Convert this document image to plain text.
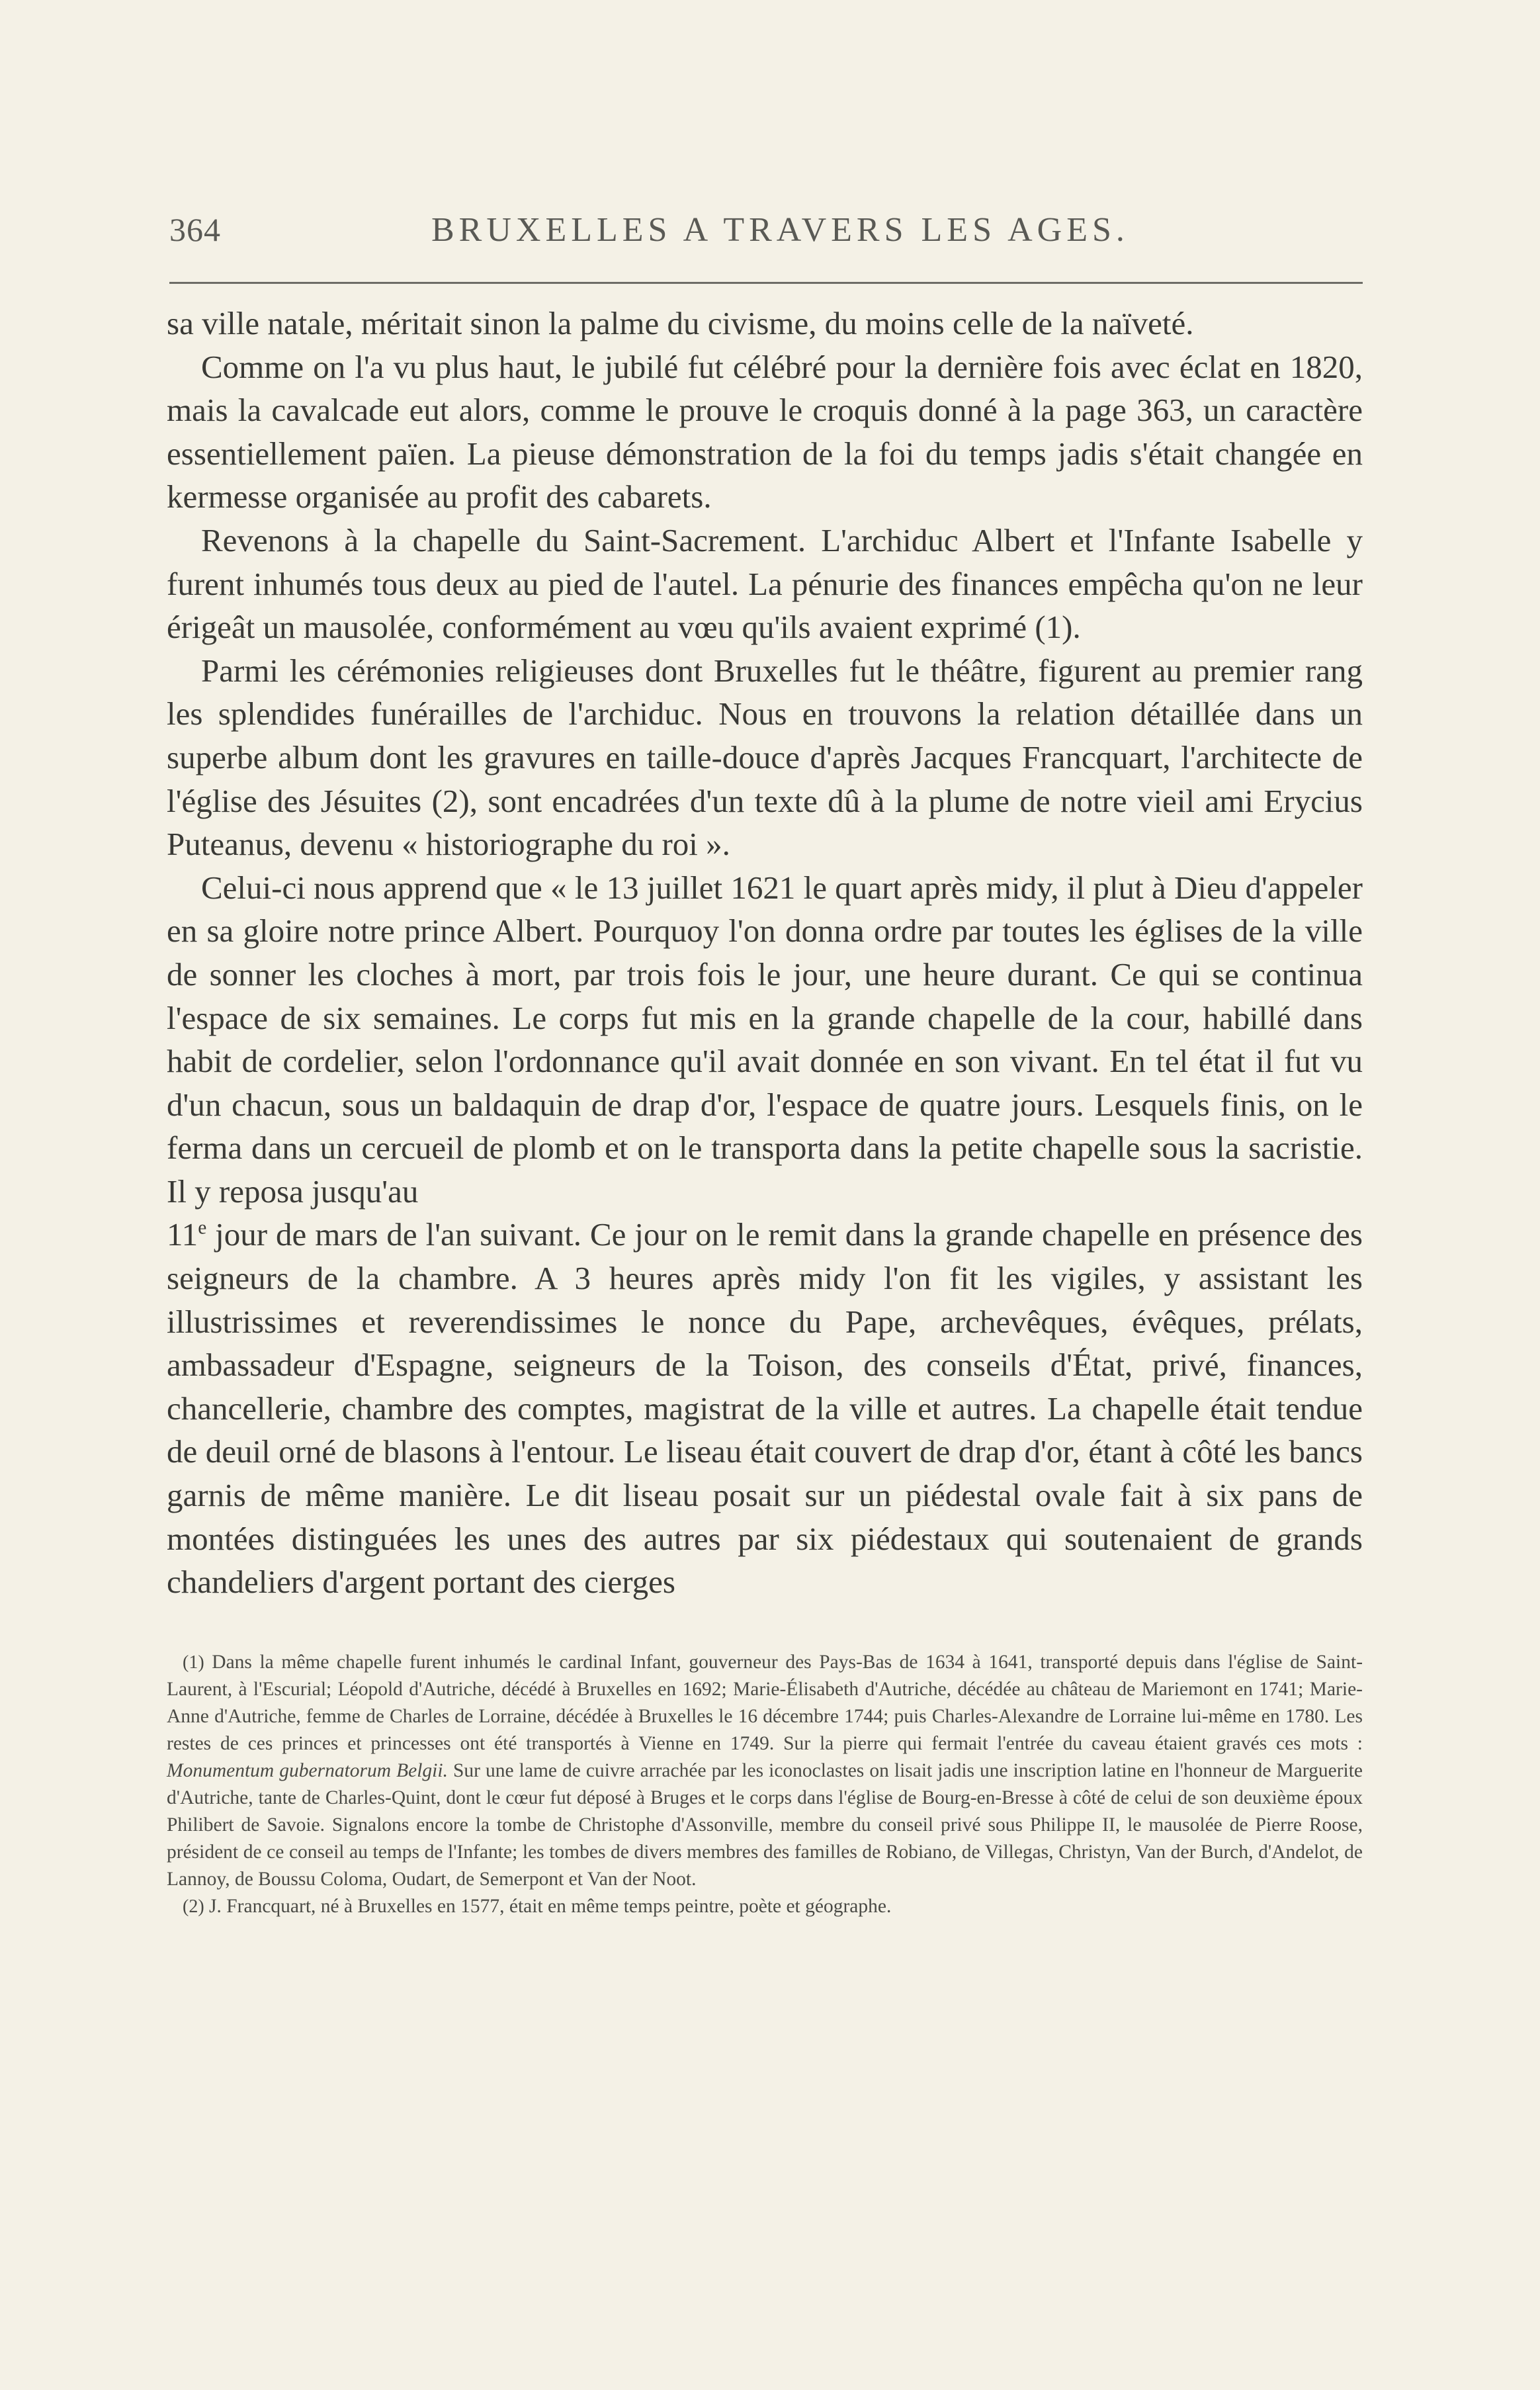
364	BRUXELLES A TRAVERS LES AGES.

sa ville natale, méritait sinon la palme du civisme, du moins celle de la naïveté.

Comme on l'a vu plus haut, le jubilé fut célébré pour la dernière fois avec éclat en 1820, mais la cavalcade eut alors, comme le prouve le croquis donné à la page 363, un caractère essentiellement païen. La pieuse démonstration de la foi du temps jadis s'était changée en kermesse organisée au profit des cabarets.

Revenons à la chapelle du Saint-Sacrement. L'archiduc Albert et l'Infante Isabelle y furent inhumés tous deux au pied de l'autel. La pénurie des finances empêcha qu'on ne leur érigeât un mausolée, conformément au vœu qu'ils avaient exprimé (1).

Parmi les cérémonies religieuses dont Bruxelles fut le théâtre, figurent au premier rang les splendides funérailles de l'archiduc. Nous en trouvons la relation détaillée dans un superbe album dont les gravures en taille-douce d'après Jacques Francquart, l'architecte de l'église des Jésuites (2), sont encadrées d'un texte dû à la plume de notre vieil ami Erycius Puteanus, devenu « historiographe du roi ».

Celui-ci nous apprend que « le 13 juillet 1621 le quart après midy, il plut à Dieu d'appeler en sa gloire notre prince Albert. Pourquoy l'on donna ordre par toutes les églises de la ville de sonner les cloches à mort, par trois fois le jour, une heure durant. Ce qui se continua l'espace de six semaines. Le corps fut mis en la grande chapelle de la cour, habillé dans habit de cordelier, selon l'ordonnance qu'il avait donnée en son vivant. En tel état il fut vu d'un chacun, sous un baldaquin de drap d'or, l'espace de quatre jours. Lesquels finis, on le ferma dans un cercueil de plomb et on le transporta dans la petite chapelle sous la sacristie. Il y reposa jusqu'au

11e jour de mars de l'an suivant. Ce jour on le remit dans la grande chapelle en présence des seigneurs de la chambre. A 3 heures après midy l'on fit les vigiles, y assistant les illustrissimes et reverendissimes le nonce du Pape, archevêques, évêques, prélats, ambassadeur d'Espagne, seigneurs de la Toison, des conseils d'État, privé, finances, chancellerie, chambre des comptes, magistrat de la ville et autres. La chapelle était tendue de deuil orné de blasons à l'entour. Le liseau était couvert de drap d'or, étant à côté les bancs garnis de même manière. Le dit liseau posait sur un piédestal ovale fait à six pans de montées distinguées les unes des autres par six piédestaux qui soutenaient de grands chandeliers d'argent portant des cierges

(1) Dans la même chapelle furent inhumés le cardinal Infant, gouverneur des Pays-Bas de 1634 à 1641, transporté depuis dans l'église de Saint-Laurent, à l'Escurial; Léopold d'Autriche, décédé à Bruxelles en 1692; Marie-Élisabeth d'Autriche, décédée au château de Mariemont en 1741; Marie-Anne d'Autriche, femme de Charles de Lorraine, décédée à Bruxelles le 16 décembre 1744; puis Charles-Alexandre de Lorraine lui-même en 1780. Les restes de ces princes et princesses ont été transportés à Vienne en 1749. Sur la pierre qui fermait l'entrée du caveau étaient gravés ces mots : Monumentum gubernatorum Belgii. Sur une lame de cuivre arrachée par les iconoclastes on lisait jadis une inscription latine en l'honneur de Marguerite d'Autriche, tante de Charles-Quint, dont le cœur fut déposé à Bruges et le corps dans l'église de Bourg-en-Bresse à côté de celui de son deuxième époux Philibert de Savoie. Signalons encore la tombe de Christophe d'Assonville, membre du conseil privé sous Philippe II, le mausolée de Pierre Roose, président de ce conseil au temps de l'Infante; les tombes de divers membres des familles de Robiano, de Villegas, Christyn, Van der Burch, d'Andelot, de Lannoy, de Boussu Coloma, Oudart, de Semerpont et Van der Noot.

(2) J. Francquart, né à Bruxelles en 1577, était en même temps peintre, poète et géographe.
